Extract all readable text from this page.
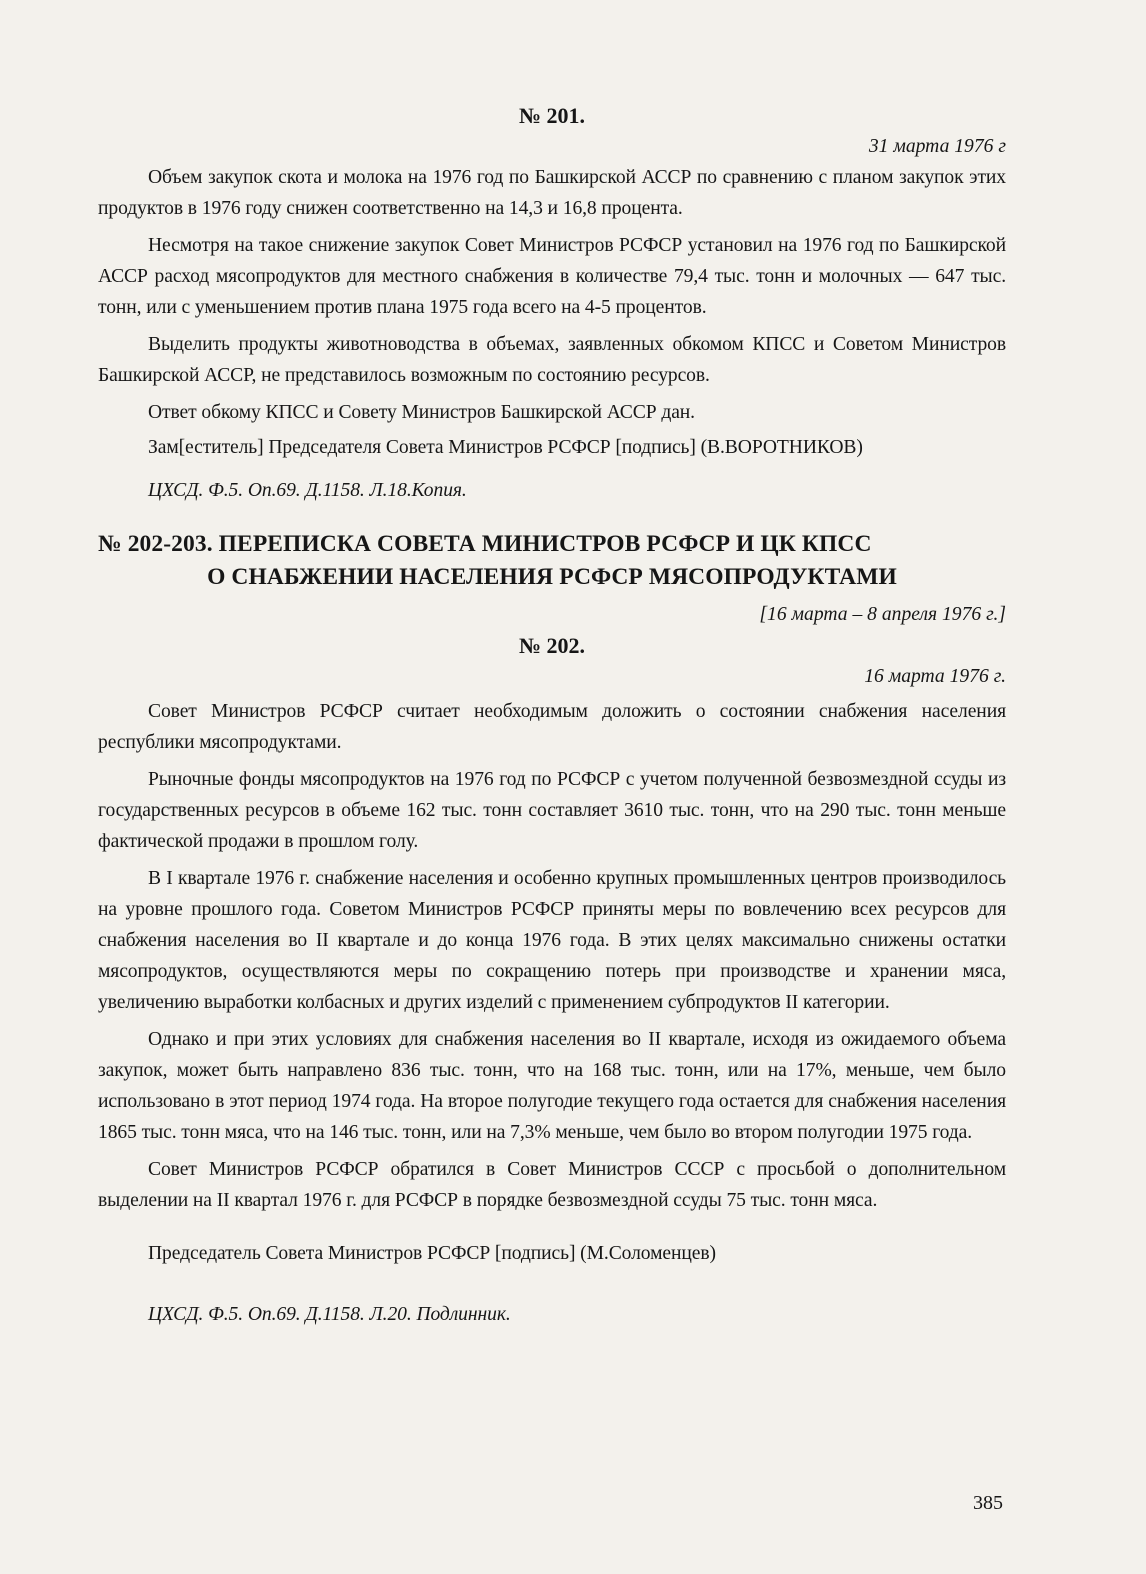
№ 201.

31 марта 1976 г

Объем закупок скота и молока на 1976 год по Башкирской АССР по сравнению с планом закупок этих продуктов в 1976 году снижен соответственно на 14,3 и 16,8 процента.

Несмотря на такое снижение закупок Совет Министров РСФСР установил на 1976 год по Башкирской АССР расход мясопродуктов для местного снабжения в количестве 79,4 тыс. тонн и молочных — 647 тыс. тонн, или с уменьшением против плана 1975 года всего на 4-5 процентов.

Выделить продукты животноводства в объемах, заявленных обкомом КПСС и Советом Министров Башкирской АССР, не представилось возможным по состоянию ресурсов.

Ответ обкому КПСС и Совету Министров Башкирской АССР дан.

Зам[еститель] Председателя Совета Министров РСФСР [подпись] (В.ВОРОТНИКОВ)

ЦХСД. Ф.5. Оп.69. Д.1158. Л.18.Копия.

№ 202-203. ПЕРЕПИСКА СОВЕТА МИНИСТРОВ РСФСР И ЦК КПСС
О СНАБЖЕНИИ НАСЕЛЕНИЯ РСФСР МЯСОПРОДУКТАМИ

[16 марта – 8 апреля 1976 г.]

№ 202.

16 марта 1976 г.

Совет Министров РСФСР считает необходимым доложить о состоянии снабжения населения республики мясопродуктами.

Рыночные фонды мясопродуктов на 1976 год по РСФСР с учетом полученной безвозмездной ссуды из государственных ресурсов в объеме 162 тыс. тонн составляет 3610 тыс. тонн, что на 290 тыс. тонн меньше фактической продажи в прошлом голу.

В I квартале 1976 г. снабжение населения и особенно крупных промышленных центров производилось на уровне прошлого года. Советом Министров РСФСР приняты меры по вовлечению всех ресурсов для снабжения населения во II квартале и до конца 1976 года. В этих целях максимально снижены остатки мясопродуктов, осуществляются меры по сокращению потерь при производстве и хранении мяса, увеличению выработки колбасных и других изделий с применением субпродуктов II категории.

Однако и при этих условиях для снабжения населения во II квартале, исходя из ожидаемого объема закупок, может быть направлено 836 тыс. тонн, что на 168 тыс. тонн, или на 17%, меньше, чем было использовано в этот период 1974 года. На второе полугодие текущего года остается для снабжения населения 1865 тыс. тонн мяса, что на 146 тыс. тонн, или на 7,3% меньше, чем было во втором полугодии 1975 года.

Совет Министров РСФСР обратился в Совет Министров СССР с просьбой о дополнительном выделении на II квартал 1976 г. для РСФСР в порядке безвозмездной ссуды 75 тыс. тонн мяса.

Председатель Совета Министров РСФСР [подпись] (М.Соломенцев)

ЦХСД. Ф.5. Оп.69. Д.1158. Л.20. Подлинник.

385
